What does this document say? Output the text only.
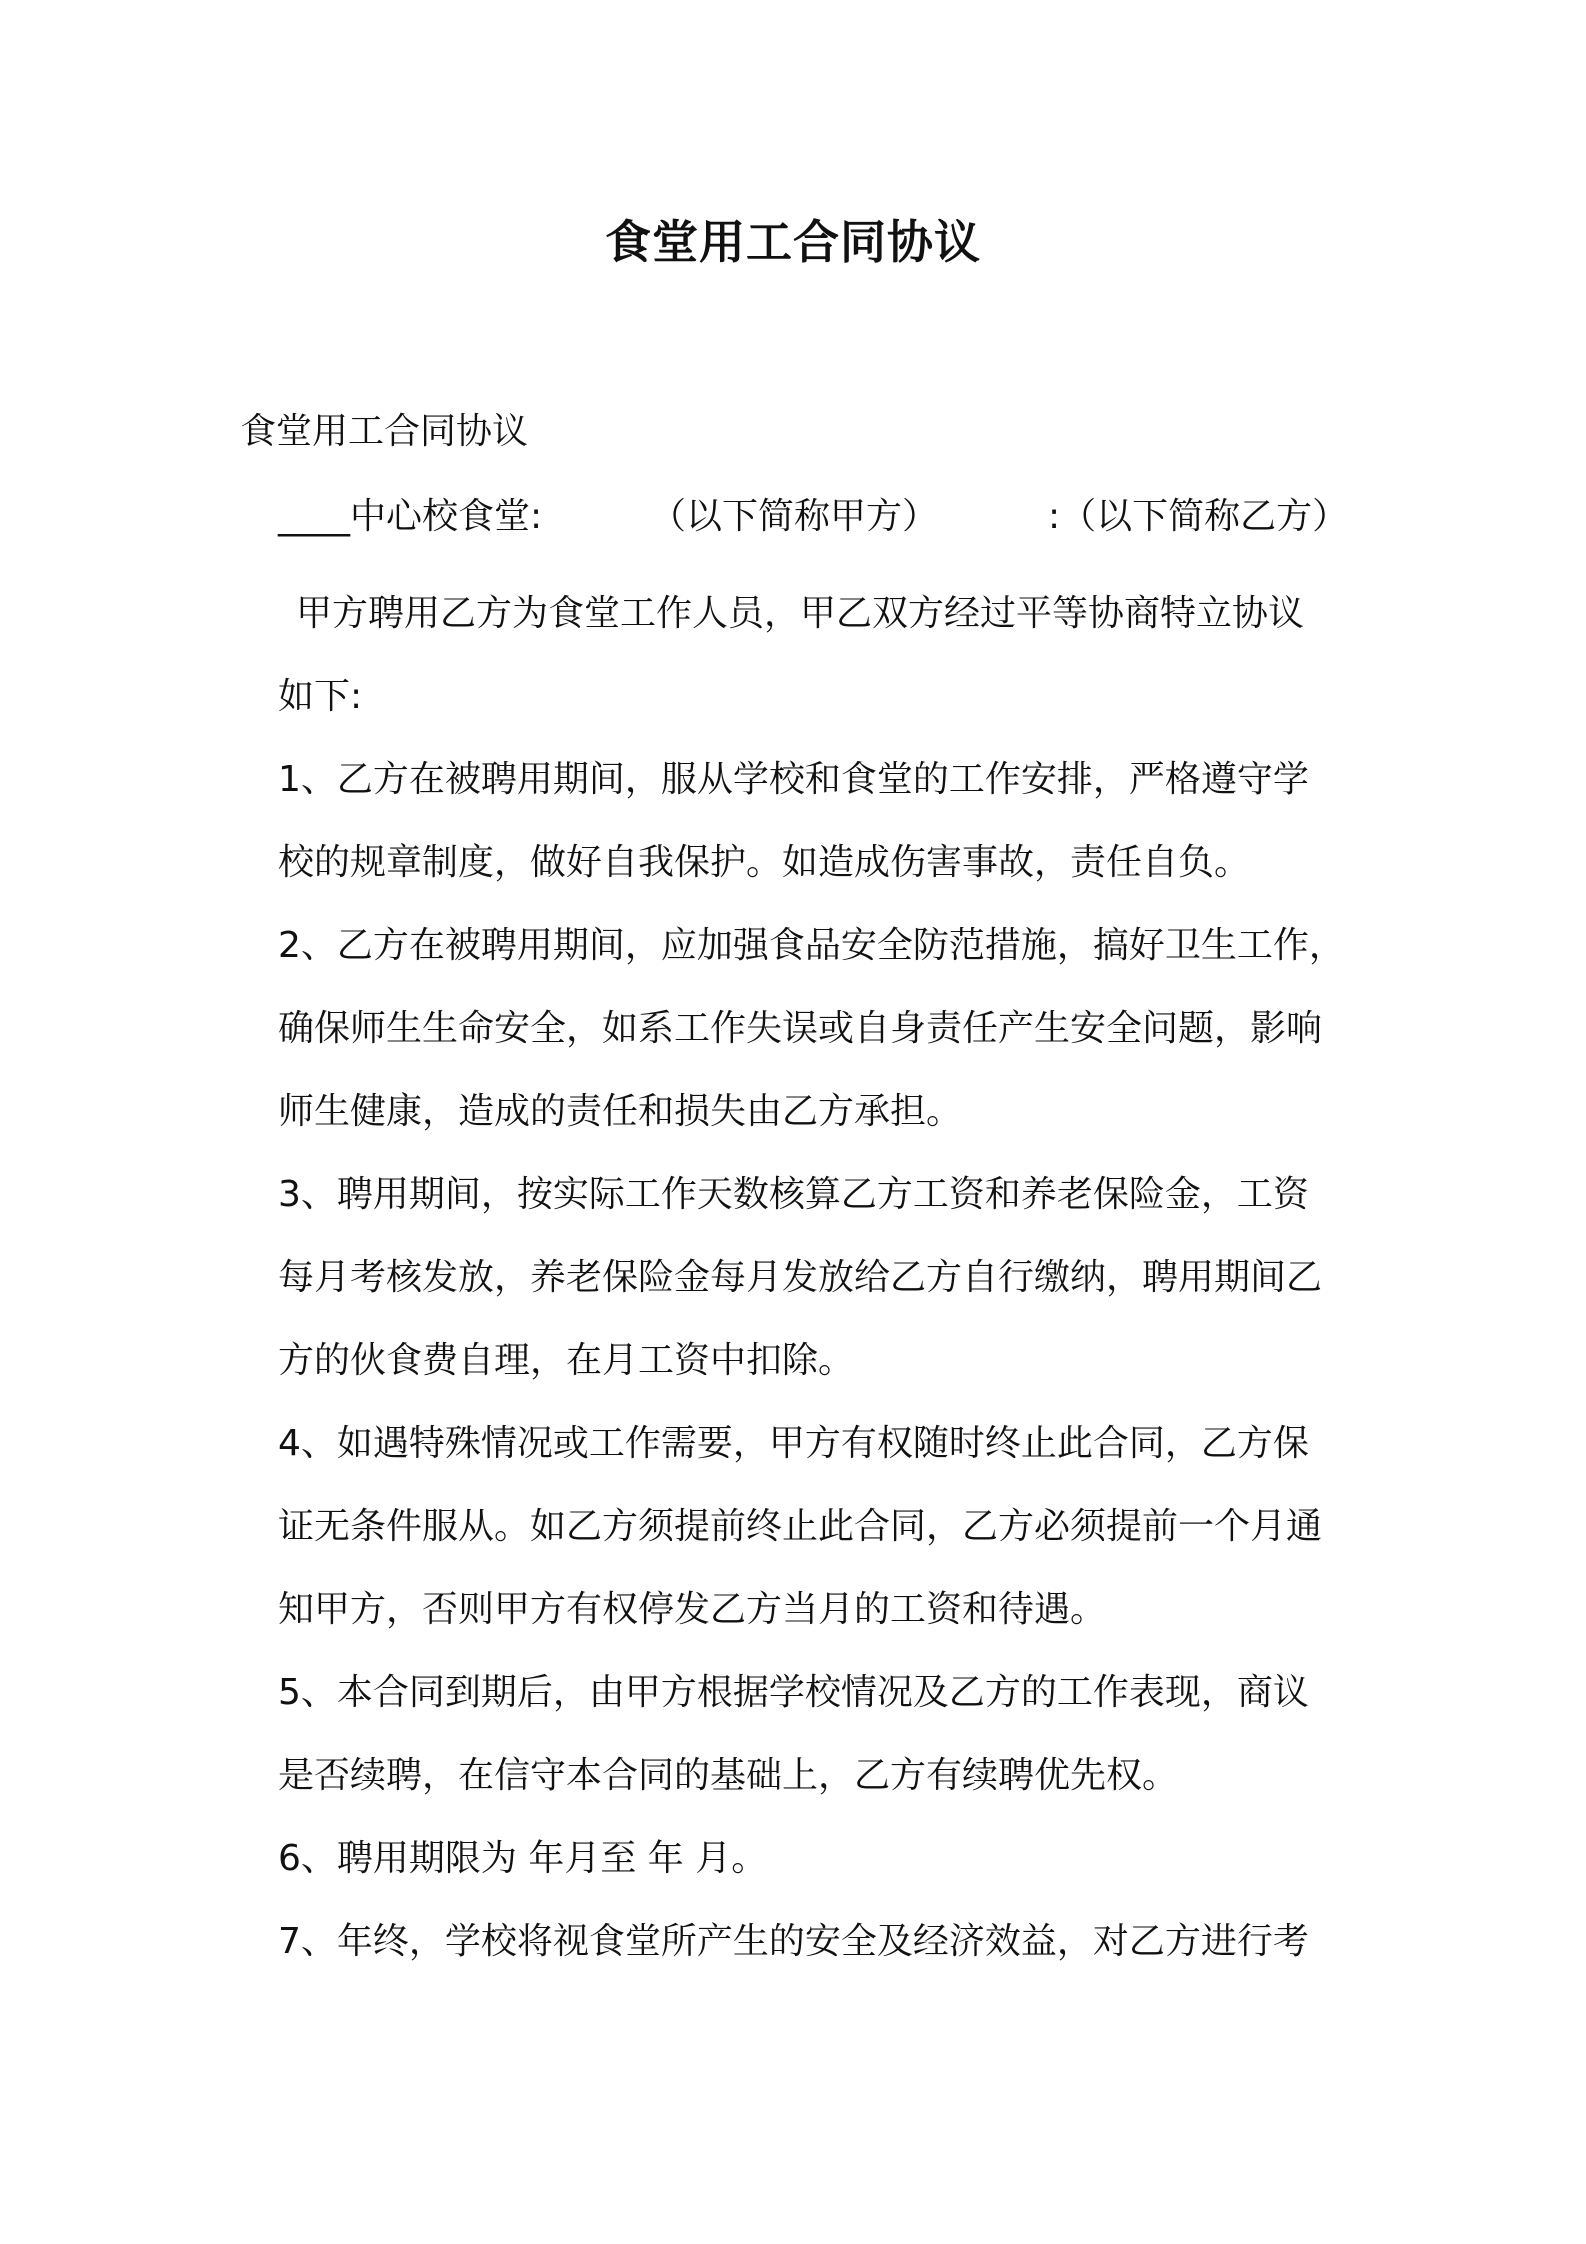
食堂用工合同协议

食堂用工合同协议

____中心校食堂:	（以下简称甲方）	:（以下简称乙方）
甲方聘用乙方为食堂工作人员，甲乙双方经过平等协商特立协议
如下:
1、乙方在被聘用期间，服从学校和食堂的工作安排，严格遵守学
校的规章制度，做好自我保护。如造成伤害事故，责任自负。
2、乙方在被聘用期间，应加强食品安全防范措施，搞好卫生工作，
确保师生生命安全，如系工作失误或自身责任产生安全问题，影响
师生健康，造成的责任和损失由乙方承担。
3、聘用期间，按实际工作天数核算乙方工资和养老保险金，工资
每月考核发放，养老保险金每月发放给乙方自行缴纳，聘用期间乙
方的伙食费自理，在月工资中扣除。
4、如遇特殊情况或工作需要，甲方有权随时终止此合同，乙方保
证无条件服从。如乙方须提前终止此合同，乙方必须提前一个月通
知甲方，否则甲方有权停发乙方当月的工资和待遇。
5、本合同到期后，由甲方根据学校情况及乙方的工作表现，商议
是否续聘，在信守本合同的基础上，乙方有续聘优先权。
6、聘用期限为 年月至 年 月。
7、年终，学校将视食堂所产生的安全及经济效益，对乙方进行考
